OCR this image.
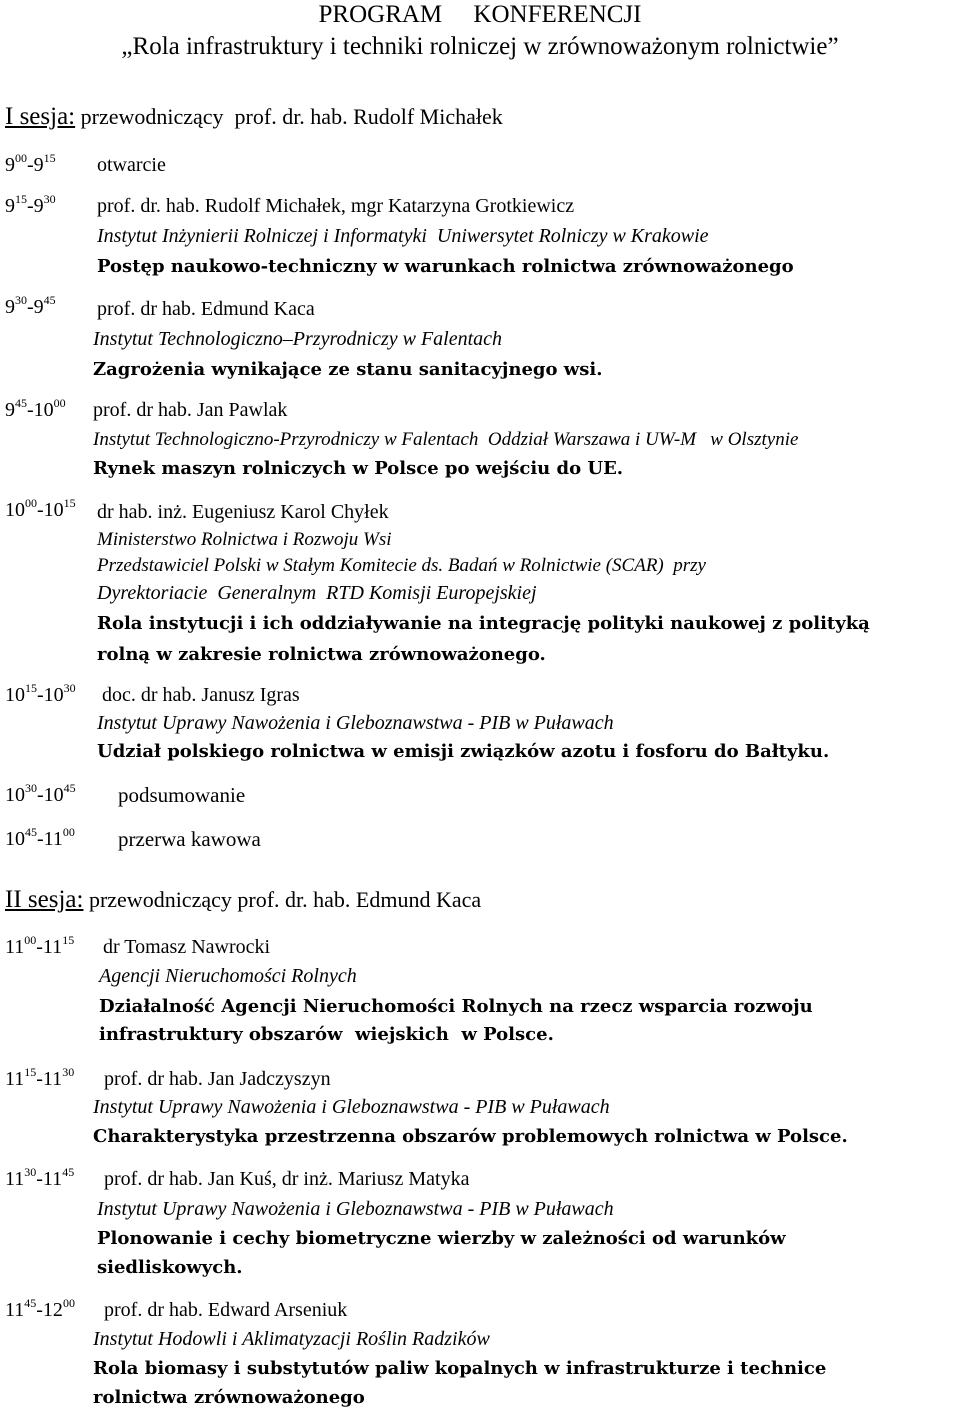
PROGRAM     KONFERENCJI
„Rola infrastruktury i techniki rolniczej w zrównoważonym rolnictwie”
I sesja: przewodniczący  prof. dr. hab. Rudolf Michałek
$9^{00}-9^{15}$ otwarcie
$9^{15}-9^{30}$ prof. dr. hab. Rudolf Michałek, mgr Katarzyna Grotkiewicz
Instytut Inżynierii Rolniczej i Informatyki  Uniwersytet Rolniczy w Krakowie
Postęp naukowo-techniczny w warunkach rolnictwa zrównoważonego
$9^{30}-9^{45}$ prof. dr hab. Edmund Kaca
Instytut Technologiczno–Przyrodniczy w Falentach
Zagrożenia wynikające ze stanu sanitacyjnego wsi.
$9^{45}-10^{00}$ prof. dr hab. Jan Pawlak
Instytut Technologiczno-Przyrodniczy w Falentach  Oddział Warszawa i UW-M   w Olsztynie
Rynek maszyn rolniczych w Polsce po wejściu do UE.
$10^{00}-10^{15}$ dr hab. inż. Eugeniusz Karol Chyłek
Ministerstwo Rolnictwa i Rozwoju Wsi
Przedstawiciel Polski w Stałym Komitecie ds. Badań w Rolnictwie (SCAR)  przy
Dyrektoriacie  Generalnym  RTD Komisji Europejskiej
Rola instytucji i ich oddziaływanie na integrację polityki naukowej z polityką
rolną w zakresie rolnictwa zrównoważonego.
$10^{15}-10^{30}$ doc. dr hab. Janusz Igras
Instytut Uprawy Nawożenia i Gleboznawstwa - PIB w Puławach
Udział polskiego rolnictwa w emisji związków azotu i fosforu do Bałtyku.
$10^{30}-10^{45}$ podsumowanie
$10^{45}-11^{00}$ przerwa kawowa
II sesja: przewodniczący prof. dr. hab. Edmund Kaca
$11^{00}-11^{15}$ dr Tomasz Nawrocki
Agencji Nieruchomości Rolnych
Działalność Agencji Nieruchomości Rolnych na rzecz wsparcia rozwoju
infrastruktury obszarów  wiejskich  w Polsce.
$11^{15}-11^{30}$ prof. dr hab. Jan Jadczyszyn
Instytut Uprawy Nawożenia i Gleboznawstwa - PIB w Puławach
Charakterystyka przestrzenna obszarów problemowych rolnictwa w Polsce.
$11^{30}-11^{45}$ prof. dr hab. Jan Kuś, dr inż. Mariusz Matyka
Instytut Uprawy Nawożenia i Gleboznawstwa - PIB w Puławach
Plonowanie i cechy biometryczne wierzby w zależności od warunków
siedliskowych.
$11^{45}-12^{00}$ prof. dr hab. Edward Arseniuk
Instytut Hodowli i Aklimatyzacji Roślin Radzików
Rola biomasy i substytutów paliw kopalnych w infrastrukturze i technice
rolnictwa zrównoważonego
